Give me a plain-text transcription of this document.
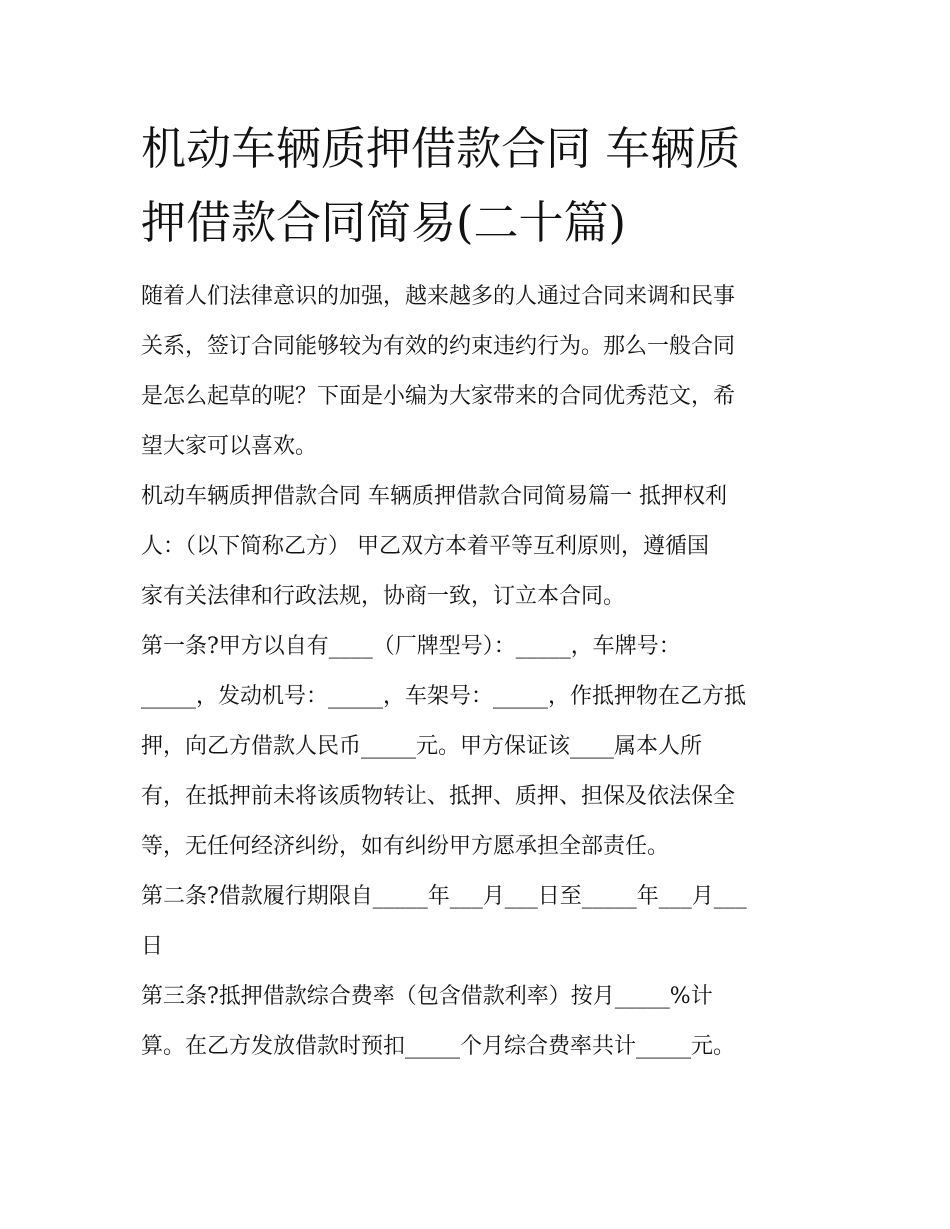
机动车辆质押借款合同 车辆质
押借款合同简易(二十篇)

随着人们法律意识的加强，越来越多的人通过合同来调和民事
关系，签订合同能够较为有效的约束违约行为。那么一般合同
是怎么起草的呢？下面是小编为大家带来的合同优秀范文，希
望大家可以喜欢。

机动车辆质押借款合同 车辆质押借款合同简易篇一 抵押权利
人：（以下简称乙方） 甲乙双方本着平等互利原则，遵循国
家有关法律和行政法规，协商一致，订立本合同。

第一条?甲方以自有____（厂牌型号）：_____，车牌号：
_____，发动机号：_____，车架号：_____，作抵押物在乙方抵
押，向乙方借款人民币_____元。甲方保证该____属本人所
有，在抵押前未将该质物转让、抵押、质押、担保及依法保全
等，无任何经济纠纷，如有纠纷甲方愿承担全部责任。

第二条?借款履行期限自_____年___月___日至_____年___月___
日

第三条?抵押借款综合费率（包含借款利率）按月_____%计
算。在乙方发放借款时预扣_____个月综合费率共计_____元。
